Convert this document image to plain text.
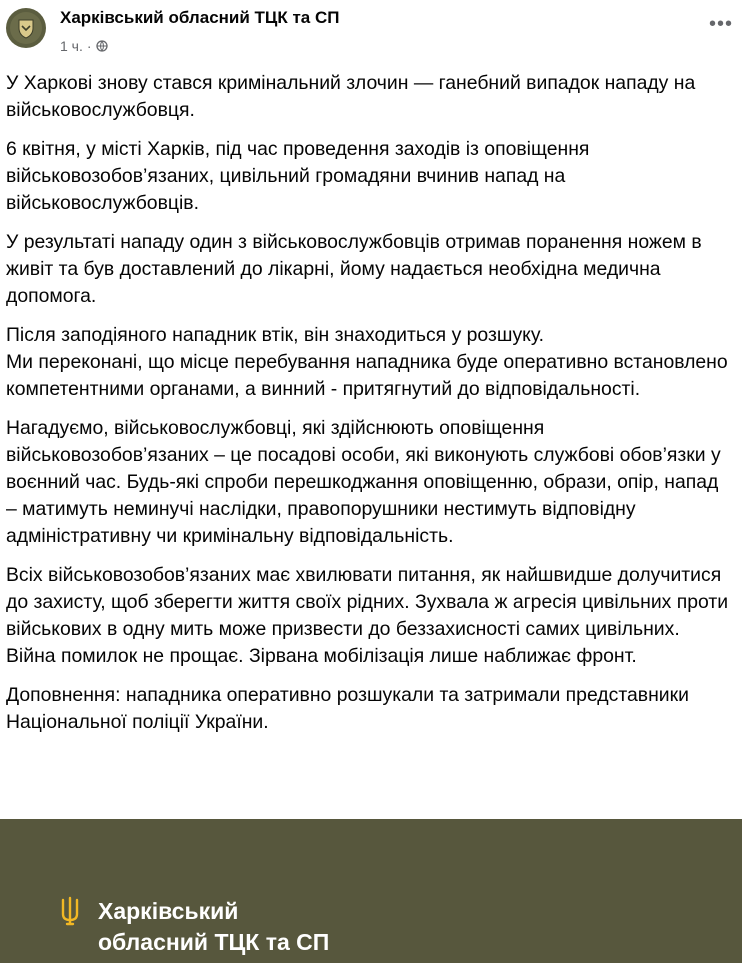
Харківський обласний ТЦК та СП
1 ч. ·
•••

У Харкові знову стався кримінальний злочин — ганебний випадок нападу на військовослужбовця.

6 квітня, у місті Харків, під час проведення заходів із оповіщення військовозобов’язаних, цивільний громадяни вчинив напад на військовослужбовців.

У результаті нападу один з військовослужбовців отримав поранення ножем в живіт та був доставлений до лікарні, йому надається необхідна медична допомога.

Після заподіяного нападник втік, він знаходиться у розшуку.

Ми переконані, що місце перебування нападника буде оперативно встановлено компетентними органами, а винний - притягнутий до відповідальності.

Нагадуємо, військовослужбовці, які здійснюють оповіщення військовозобов’язаних – це посадові особи, які виконують службові обов’язки у воєнний час. Будь-які спроби перешкоджання оповіщенню, образи, опір, напад – матимуть неминучі наслідки, правопорушники нестимуть відповідну адміністративну чи кримінальну відповідальність.

Всіх військовозобов’язаних має хвилювати питання, як найшвидше долучитися до захисту, щоб зберегти життя своїх рідних. Зухвала ж агресія цивільних проти військових в одну мить може призвести до беззахисності самих цивільних. Війна помилок не прощає. Зірвана мобілізація лише наближає фронт.

Доповнення: нападника оперативно розшукали та затримали представники Національної поліції України.

Харківський
обласний ТЦК та СП
